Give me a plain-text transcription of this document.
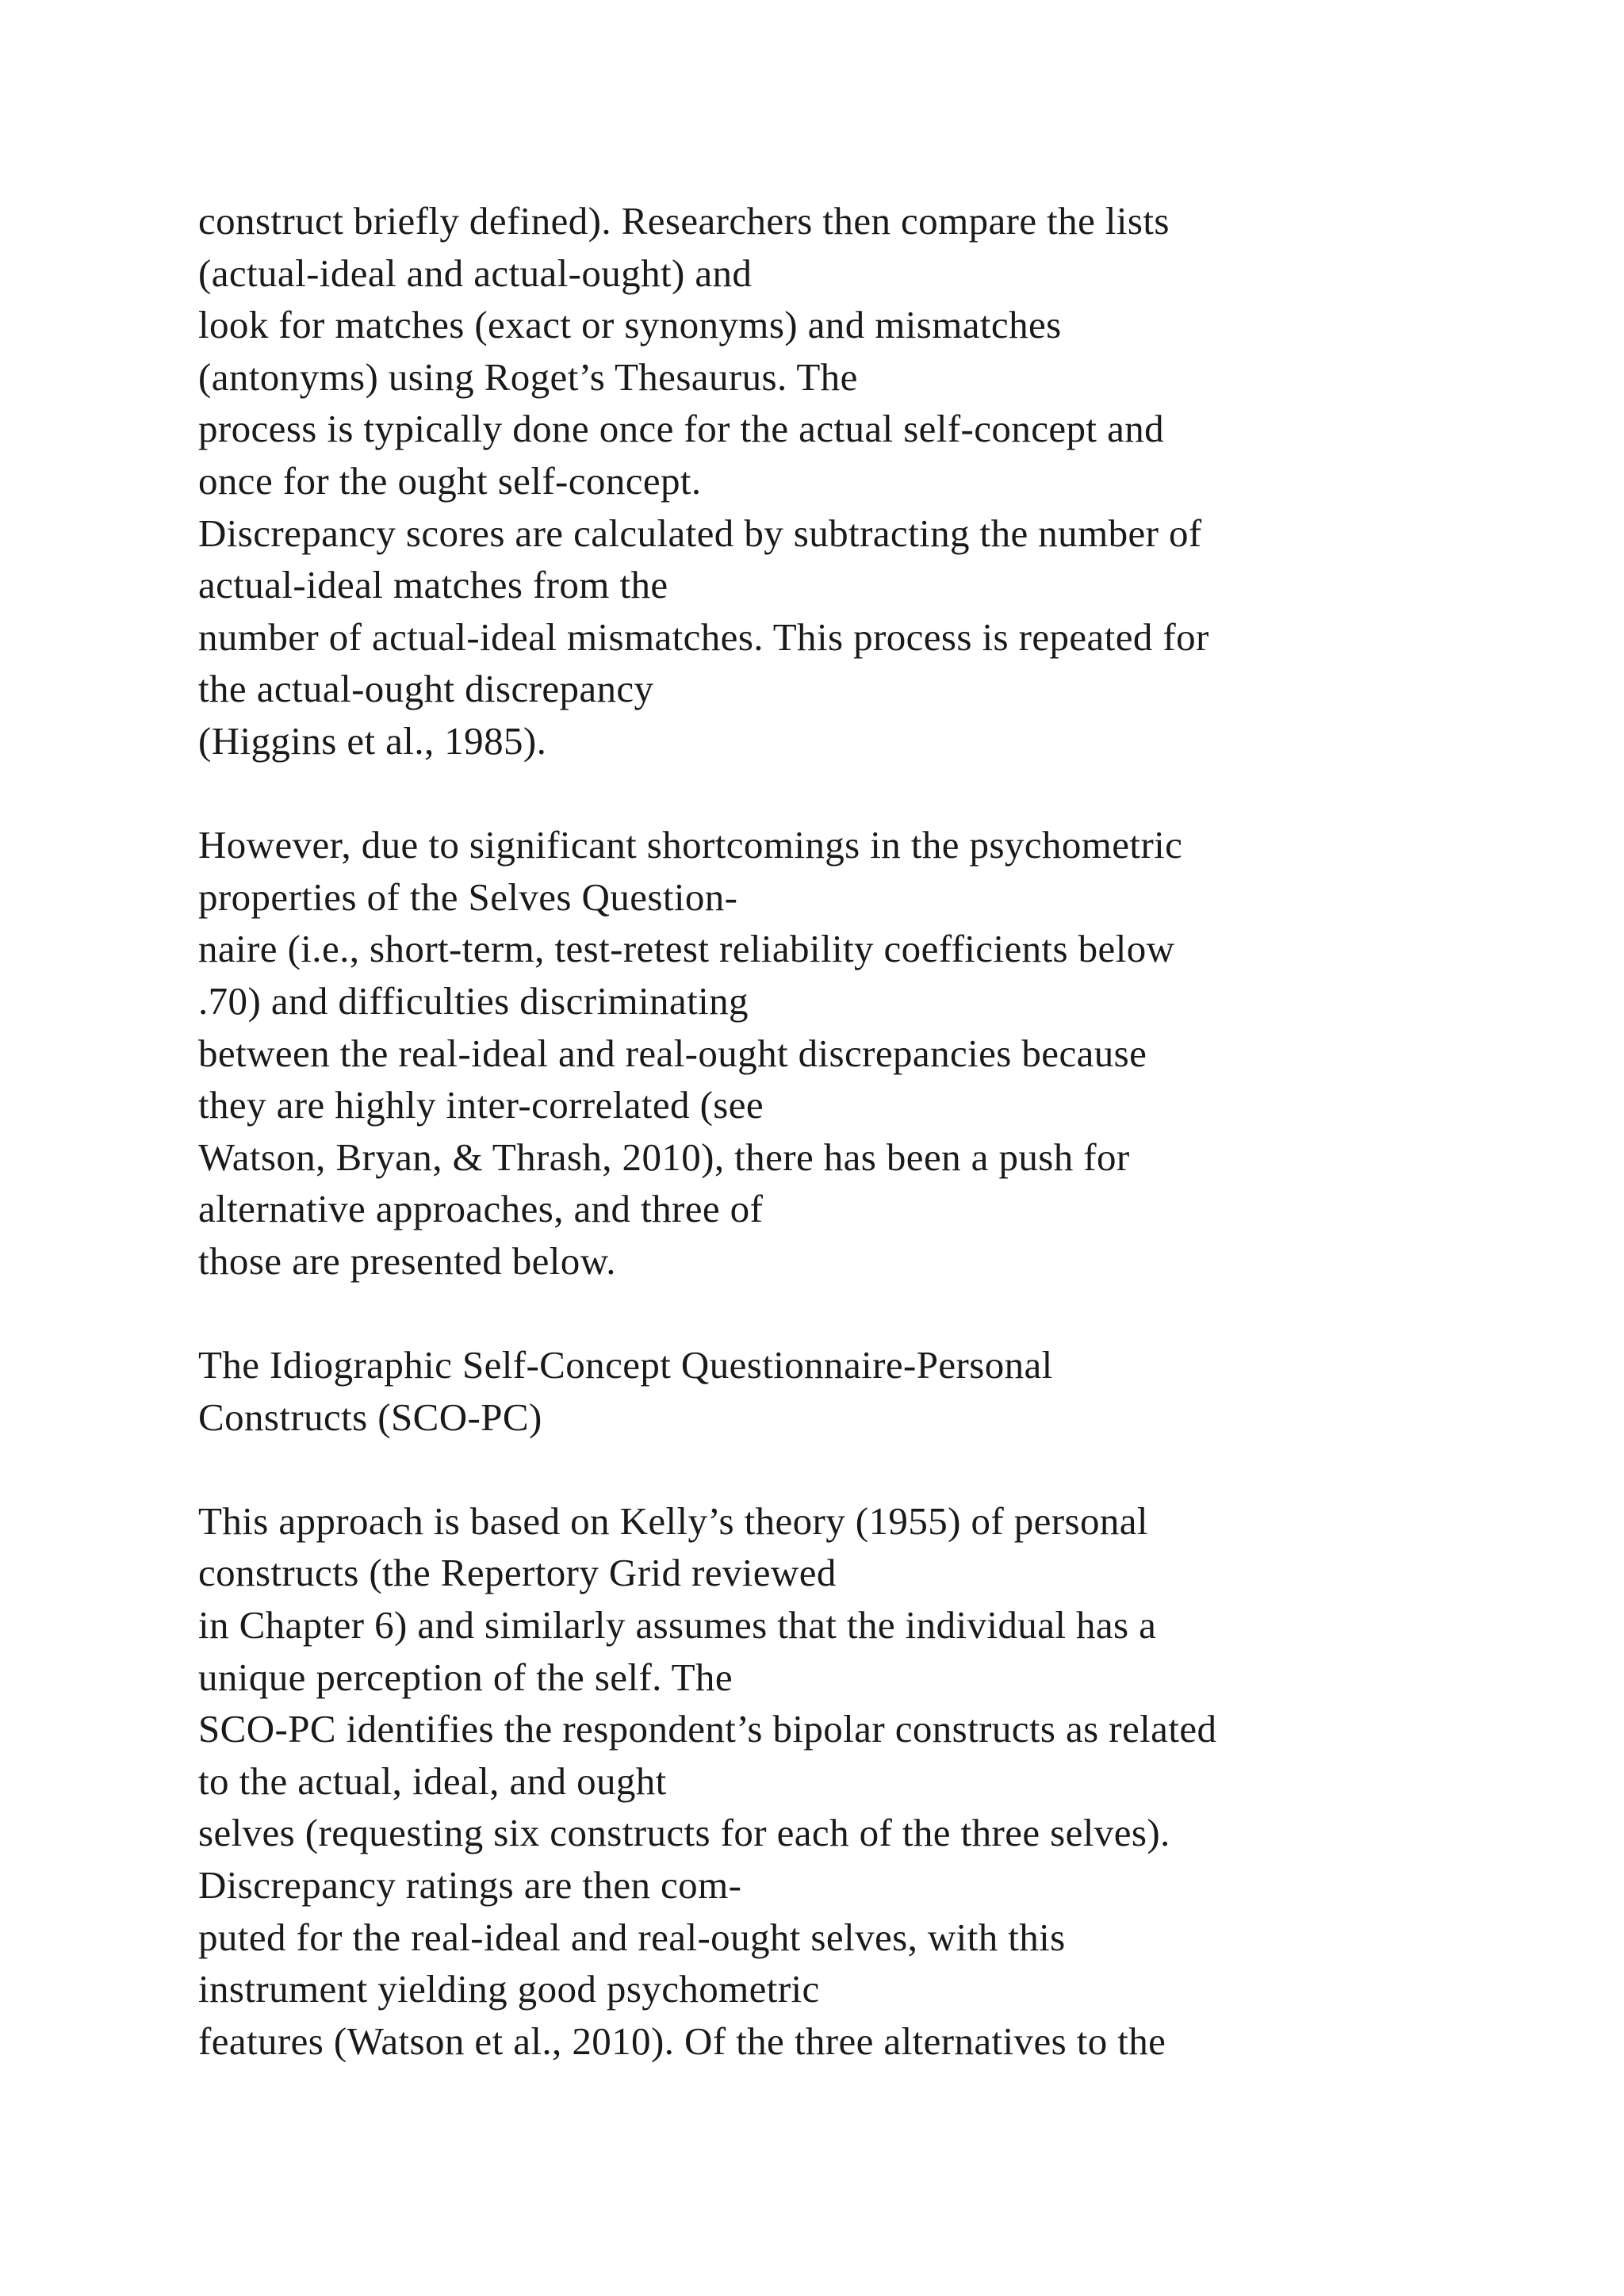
construct briefly defined). Researchers then compare the lists
(actual-ideal and actual-ought) and
look for matches (exact or synonyms) and mismatches
(antonyms) using Roget’s Thesaurus. The
process is typically done once for the actual self-concept and
once for the ought self-concept.
Discrepancy scores are calculated by subtracting the number of
actual-ideal matches from the
number of actual-ideal mismatches. This process is repeated for
the actual-ought discrepancy
(Higgins et al., 1985).
However, due to significant shortcomings in the psychometric
properties of the Selves Question-
naire (i.e., short-term, test-retest reliability coefficients below
.70) and difficulties discriminating
between the real-ideal and real-ought discrepancies because
they are highly inter-correlated (see
Watson, Bryan, & Thrash, 2010), there has been a push for
alternative approaches, and three of
those are presented below.
The Idiographic Self-Concept Questionnaire-Personal
Constructs (SCO-PC)
This approach is based on Kelly’s theory (1955) of personal
constructs (the Repertory Grid reviewed
in Chapter 6) and similarly assumes that the individual has a
unique perception of the self. The
SCO-PC identifies the respondent’s bipolar constructs as related
to the actual, ideal, and ought
selves (requesting six constructs for each of the three selves).
Discrepancy ratings are then com-
puted for the real-ideal and real-ought selves, with this
instrument yielding good psychometric
features (Watson et al., 2010). Of the three alternatives to the
